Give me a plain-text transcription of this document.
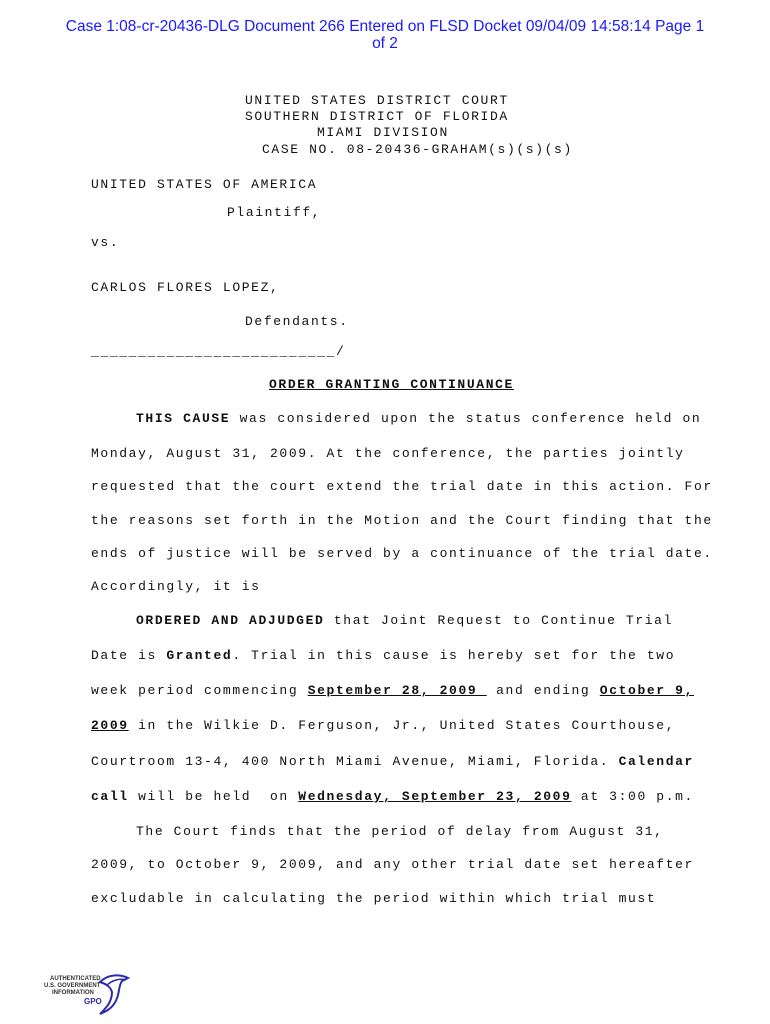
Case 1:08-cr-20436-DLG Document 266 Entered on FLSD Docket 09/04/09 14:58:14 Page 1
of 2
UNITED STATES DISTRICT COURT
SOUTHERN DISTRICT OF FLORIDA
MIAMI DIVISION
CASE NO. 08-20436-GRAHAM(s)(s)(s)
UNITED STATES OF AMERICA
Plaintiff,
vs.
CARLOS FLORES LOPEZ,
Defendants.
__________________________/
ORDER GRANTING CONTINUANCE
THIS CAUSE was considered upon the status conference held on
Monday, August 31, 2009. At the conference, the parties jointly
requested that the court extend the trial date in this action. For
the reasons set forth in the Motion and the Court finding that the
ends of justice will be served by a continuance of the trial date.
Accordingly, it is
ORDERED AND ADJUDGED that Joint Request to Continue Trial
Date is Granted. Trial in this cause is hereby set for the two
week period commencing September 28, 2009  and ending October 9,
2009 in the Wilkie D. Ferguson, Jr., United States Courthouse,
Courtroom 13-4, 400 North Miami Avenue, Miami, Florida. Calendar
call will be held  on Wednesday, September 23, 2009 at 3:00 p.m.
The Court finds that the period of delay from August 31,
2009, to October 9, 2009, and any other trial date set hereafter
excludable in calculating the period within which trial must
AUTHENTICATED
U.S. GOVERNMENT
INFORMATION
GPO
